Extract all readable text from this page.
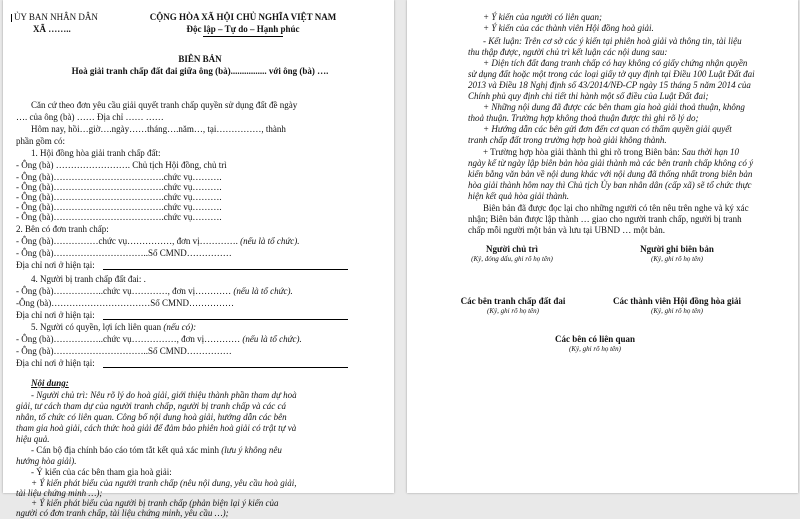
ỦY BAN NHÂN DÂN
XÃ ……..
CỘNG HÒA XÃ HỘI CHỦ NGHĨA VIỆT NAM
Độc lập – Tự do – Hạnh phúc
BIÊN BẢN
Hoà giải tranh chấp đất đai giữa ông (bà)................ với ông (bà) ….
Căn cứ theo đơn yêu cầu giải quyết tranh chấp quyền sử dụng đất đề ngày
…. của ông (bà) …… Địa chỉ …… ……
Hôm nay, hồi…giờ….ngày……tháng….năm…, tại……………, thành
phần gồm có:
1. Hội đồng hòa giải tranh chấp đất:
- Ông (bà) ……………………. Chủ tịch Hội đồng, chủ trì
- Ông (bà)……………………………….chức vụ……….
- Ông (bà)……………………………….chức vụ……….
- Ông (bà)……………………………….chức vụ……….
- Ông (bà)……………………………….chức vụ……….
- Ông (bà)……………………………….chức vụ……….
2. Bên có đơn tranh chấp:
- Ông (bà)……………chức vụ……………, đơn vị…………. (nếu là tổ chức).
- Ông (bà)…………………………..Số CMND……………
Địa chỉ nơi ở hiện tại:
4. Người bị tranh chấp đất đai: .
- Ông (bà)……………..chức vụ…………, đơn vị………… (nếu là tổ chức).
-Ông (bà)……………………………Số CMND……………
Địa chỉ nơi ở hiện tại:
5. Người có quyền, lợi ích liên quan (nếu có):
- Ông (bà)……………..chức vụ……………, đơn vị………… (nếu là tổ chức).
- Ông (bà)…………………………..Số CMND……………
Địa chỉ nơi ở hiện tại:
Nội dung:
- Người chủ trì: Nêu rõ lý do hoà giải, giới thiệu thành phần tham dự hoà
giải, tư cách tham dự của người tranh chấp, người bị tranh chấp và các cá
nhân, tổ chức có liên quan. Công bố nội dung hoà giải, hướng dẫn các bên
tham gia hoà giải, cách thức hoà giải để đảm bảo phiên hoà giải có trật tự và
hiệu quả.
- Cán bộ địa chính báo cáo tóm tắt kết quả xác minh (lưu ý không nêu
hướng hòa giải).
- Ý kiến của các bên tham gia hoà giải:
+ Ý kiến phát biểu của người tranh chấp (nêu nội dung, yêu cầu hoà giải,
tài liệu chứng minh …);
+ Ý kiến phát biểu của người bị tranh chấp (phản biện lại ý kiến của
người có đơn tranh chấp, tài liệu chứng minh, yêu cầu …);
+ Ý kiến của người có liên quan;
+ Ý kiến của các thành viên Hội đồng hoà giải.
- Kết luận: Trên cơ sở các ý kiến tại phiên hoà giải và thông tin, tài liệu
thu thập được, người chủ trì kết luận các nội dung sau:
+ Diện tích đất đang tranh chấp có hay không có giấy chứng nhận quyền
sử dụng đất hoặc một trong các loại giấy tờ quy định tại Điều 100 Luật Đất đai
2013 và Điều 18 Nghị định số 43/2014/NĐ-CP ngày 15 tháng 5 năm 2014 của
Chính phủ quy định chi tiết thi hành một số điều của Luật Đất đai;
+ Những nội dung đã được các bên tham gia hoà giải thoả thuận, không
thoả thuận. Trường hợp không thoả thuận được thì ghi rõ lý do;
+ Hướng dẫn các bên gửi đơn đến cơ quan có thẩm quyền giải quyết
tranh chấp đất trong trường hợp hoà giải không thành.
+ Trường hợp hòa giải thành thì ghi rõ trong Biên bản: Sau thời hạn 10
ngày kể từ ngày lập biên bản hòa giải thành mà các bên tranh chấp không có ý
kiến bằng văn bản về nội dung khác với nội dung đã thống nhất trong biên bản
hòa giải thành hôm nay thì Chủ tịch Ủy ban nhân dân (cấp xã) sẽ tổ chức thực
hiện kết quả hòa giải thành.
Biên bản đã được đọc lại cho những người có tên nêu trên nghe và ký xác
nhận; Biên bản được lập thành … giao cho người tranh chấp, người bị tranh
chấp mỗi người một bản và lưu tại UBND … một bản.
Người chủ trì
(Ký, đóng dấu, ghi rõ họ tên)
Người ghi biên bản
(Ký, ghi rõ họ tên)
Các bên tranh chấp đất đai
(Ký, ghi rõ họ tên)
Các thành viên Hội đồng hòa giải
(Ký, ghi rõ họ tên)
Các bên có liên quan
(Ký, ghi rõ họ tên)
